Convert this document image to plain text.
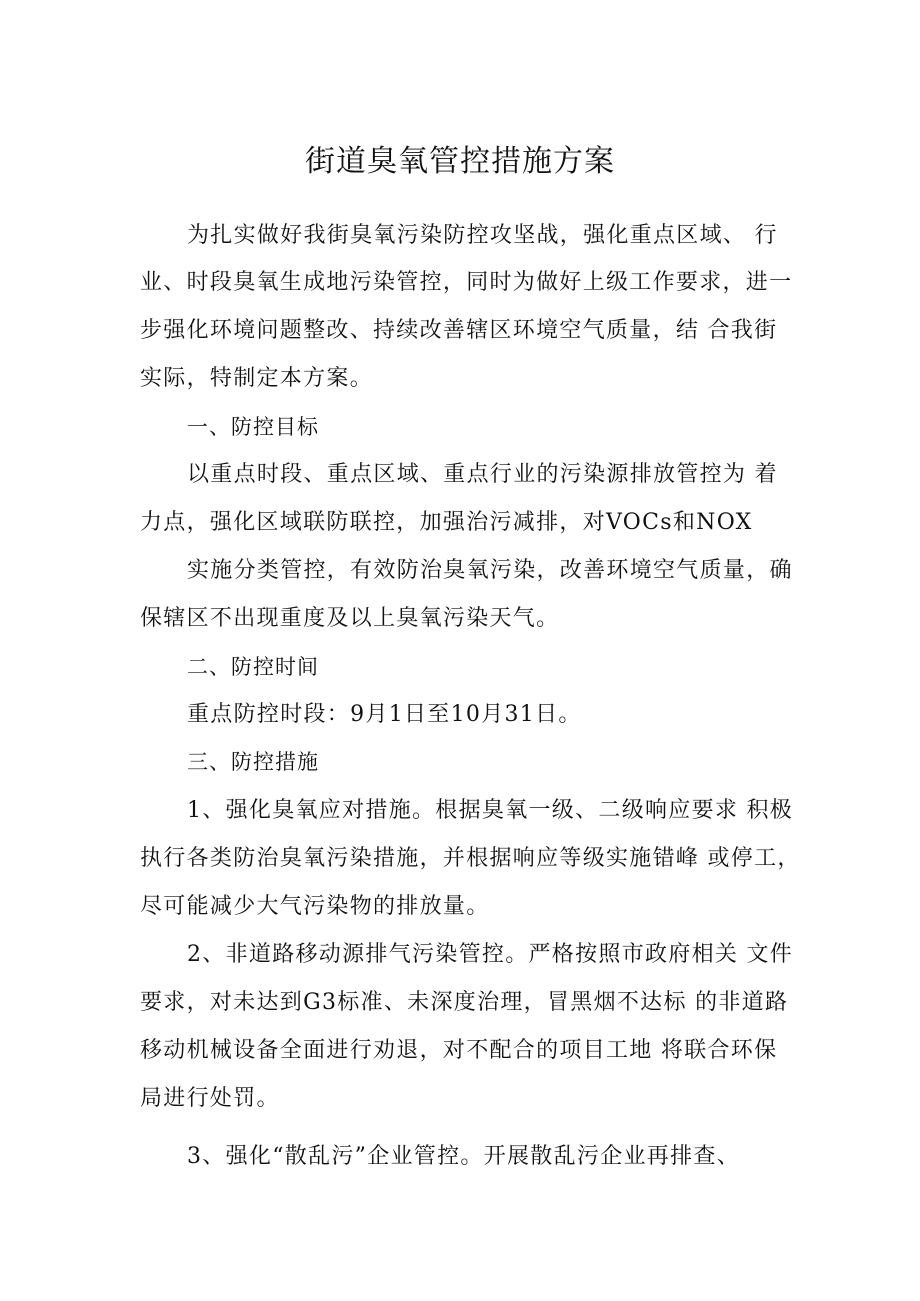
街道臭氧管控措施方案
为扎实做好我街臭氧污染防控攻坚战，强化重点区域、 行
业、时段臭氧生成地污染管控，同时为做好上级工作要求，进一
步强化环境问题整改、持续改善辖区环境空气质量，结 合我街
实际，特制定本方案。
一、防控目标
以重点时段、重点区域、重点行业的污染源排放管控为 着
力点，强化区域联防联控，加强治污减排，对VOCs和NOX
实施分类管控，有效防治臭氧污染，改善环境空气质量，确
保辖区不出现重度及以上臭氧污染天气。
二、防控时间
重点防控时段：9月1日至10月31日。
三、防控措施
1、强化臭氧应对措施。根据臭氧一级、二级响应要求 积极
执行各类防治臭氧污染措施，并根据响应等级实施错峰 或停工，
尽可能减少大气污染物的排放量。
2、非道路移动源排气污染管控。严格按照市政府相关 文件
要求，对未达到G3标准、未深度治理，冒黑烟不达标 的非道路
移动机械设备全面进行劝退，对不配合的项目工地 将联合环保
局进行处罚。
3、强化“散乱污”企业管控。开展散乱污企业再排查、
